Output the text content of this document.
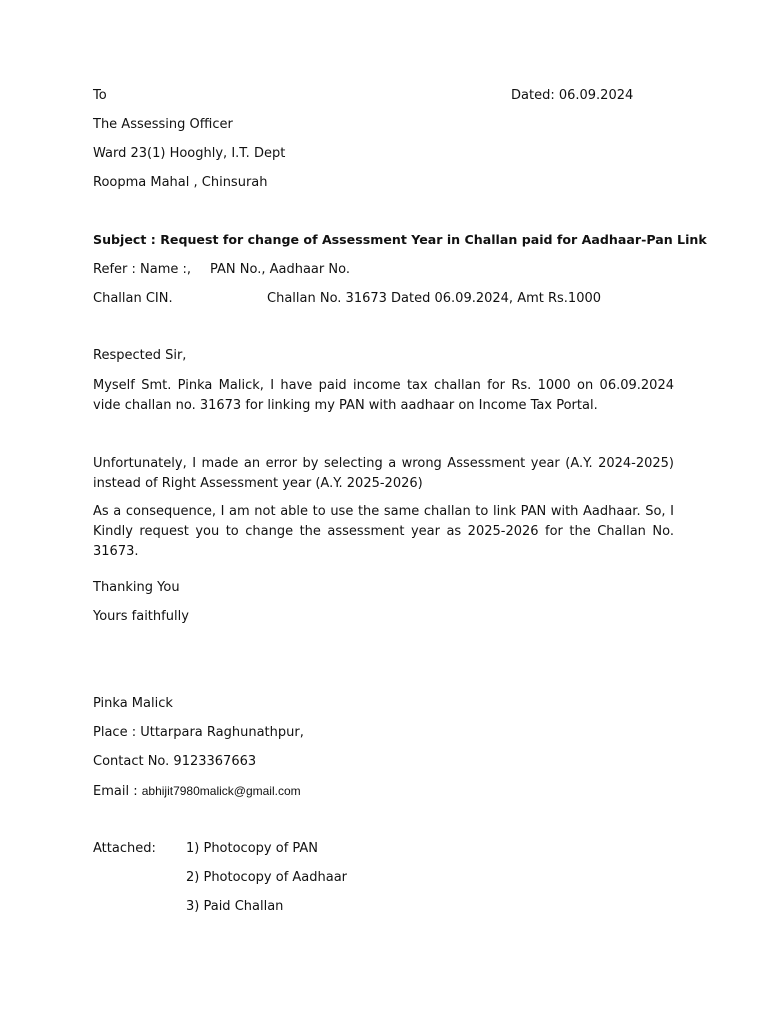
To	Dated: 06.09.2024
The Assessing Officer
Ward 23(1) Hooghly, I.T. Dept
Roopma Mahal , Chinsurah
Subject : Request for change of Assessment Year in Challan paid for Aadhaar-Pan Link
Refer : Name :, PAN No., Aadhaar No.
Challan CIN.	Challan No. 31673 Dated 06.09.2024, Amt Rs.1000
Respected Sir,
Myself Smt. Pinka Malick, I have paid income tax challan for Rs. 1000 on 06.09.2024 vide challan no. 31673 for linking my PAN with aadhaar on Income Tax Portal.
Unfortunately, I made an error by selecting a wrong Assessment year (A.Y. 2024-2025) instead of Right Assessment year (A.Y. 2025-2026)
As a consequence, I am not able to use the same challan to link PAN with Aadhaar. So, I Kindly request you to change the assessment year as 2025-2026 for the Challan No. 31673.
Thanking You
Yours faithfully
Pinka Malick
Place : Uttarpara Raghunathpur,
Contact No. 9123367663
Email : abhijit7980malick@gmail.com
Attached: 1) Photocopy of PAN
2) Photocopy of Aadhaar
3) Paid Challan
